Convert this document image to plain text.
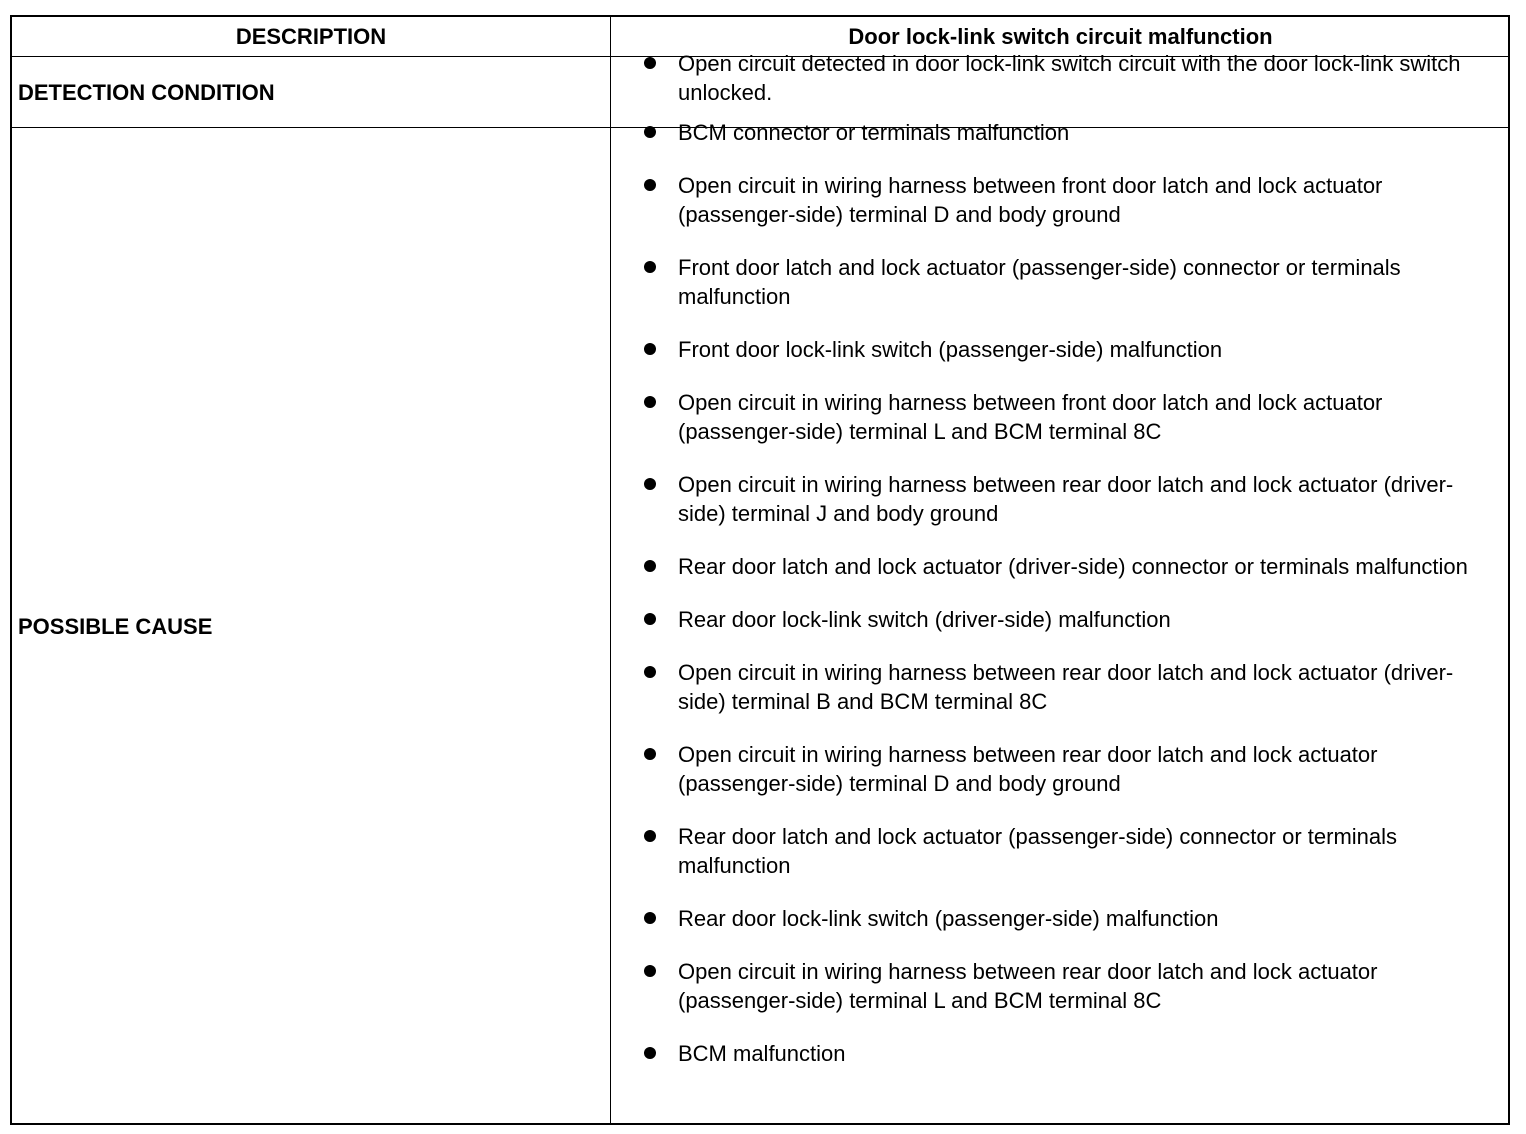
DESCRIPTION	Door lock-link switch circuit malfunction
DETECTION CONDITION
POSSIBLE CAUSE
Open circuit detected in door lock-link switch circuit with the door lock-link switch unlocked.
BCM connector or terminals malfunction
Open circuit in wiring harness between front door latch and lock actuator (passenger-side) terminal D and body ground
Front door latch and lock actuator (passenger-side) connector or terminals malfunction
Front door lock-link switch (passenger-side) malfunction
Open circuit in wiring harness between front door latch and lock actuator (passenger-side) terminal L and BCM terminal 8C
Open circuit in wiring harness between rear door latch and lock actuator (driver-side) terminal J and body ground
Rear door latch and lock actuator (driver-side) connector or terminals malfunction
Rear door lock-link switch (driver-side) malfunction
Open circuit in wiring harness between rear door latch and lock actuator (driver-side) terminal B and BCM terminal 8C
Open circuit in wiring harness between rear door latch and lock actuator (passenger-side) terminal D and body ground
Rear door latch and lock actuator (passenger-side) connector or terminals malfunction
Rear door lock-link switch (passenger-side) malfunction
Open circuit in wiring harness between rear door latch and lock actuator (passenger-side) terminal L and BCM terminal 8C
BCM malfunction
